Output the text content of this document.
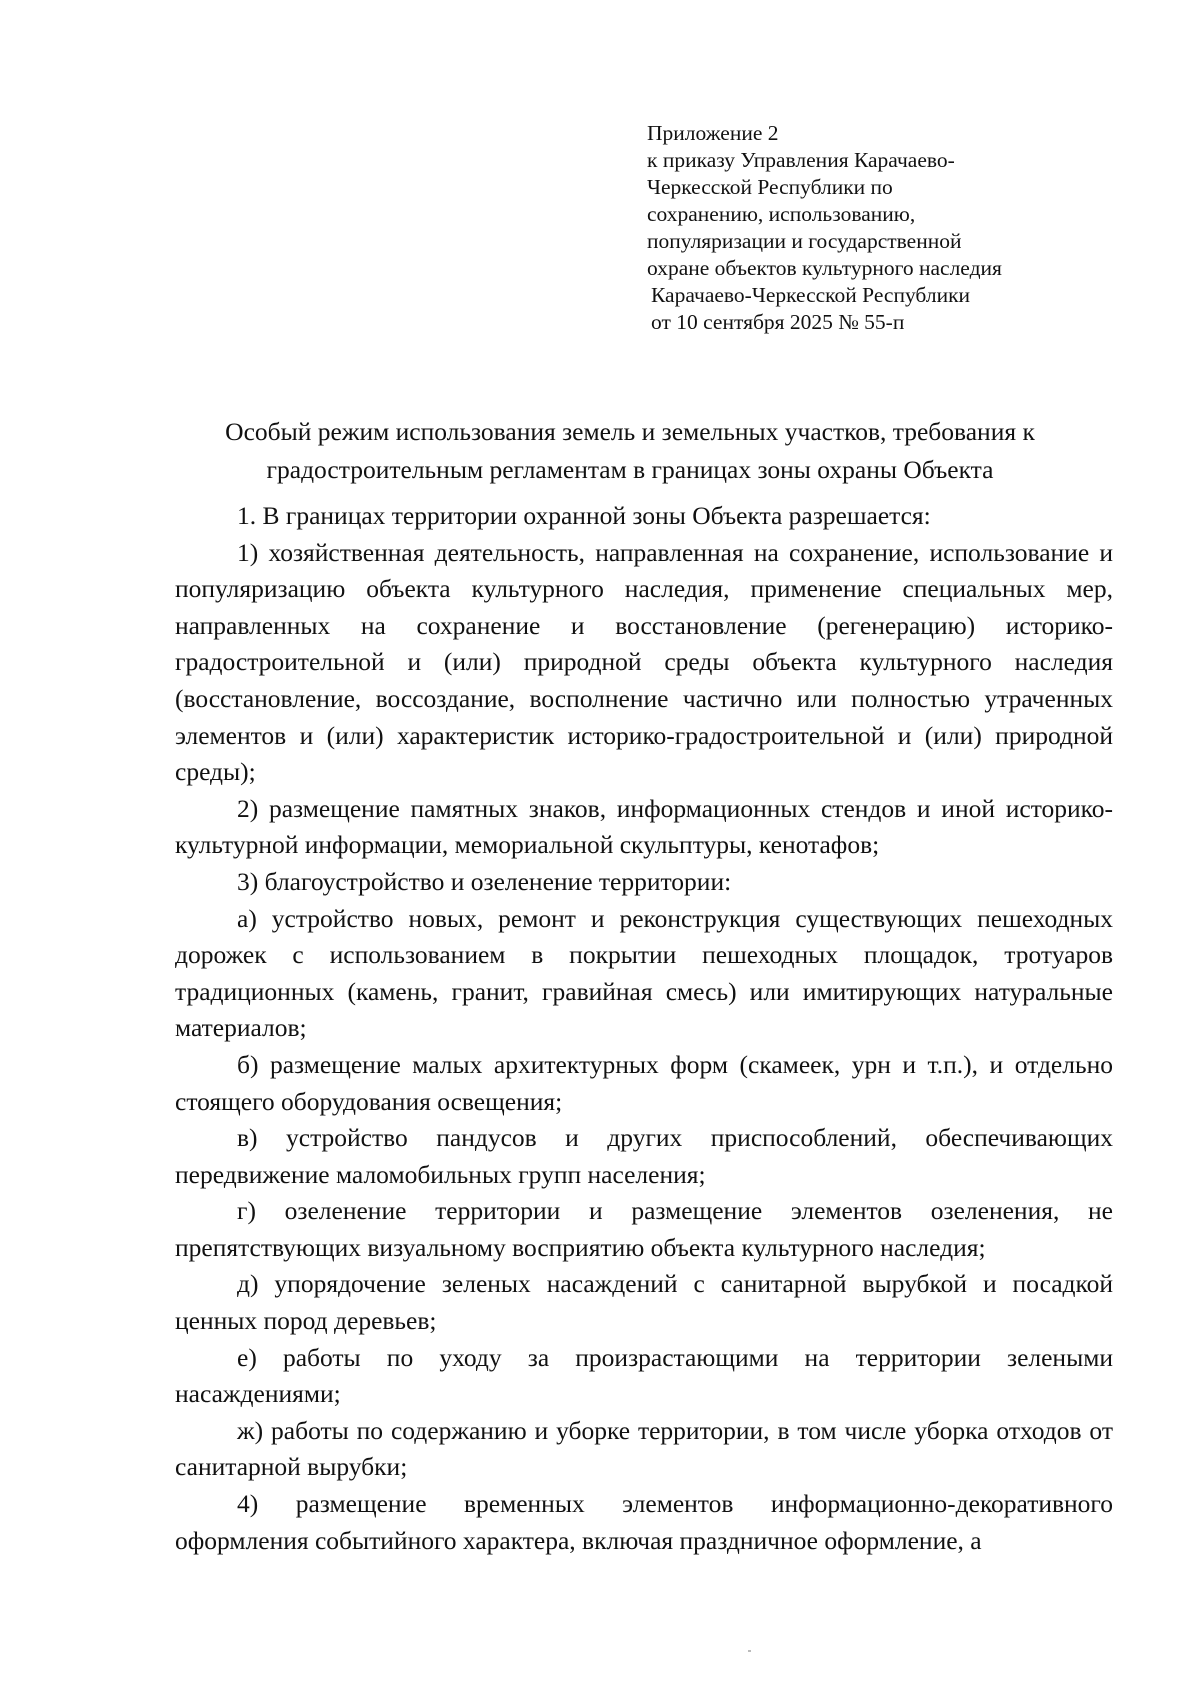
Приложение 2
к приказу Управления Карачаево-
Черкесской Республики по
сохранению, использованию,
популяризации и государственной
охране объектов культурного наследия
Карачаево-Черкесской Республики
от 10 сентября 2025 № 55-п
Особый режим использования земель и земельных участков, требования к
градостроительным регламентам в границах зоны охраны Объекта

1. В границах территории охранной зоны Объекта разрешается:

1) хозяйственная деятельность, направленная на сохранение, использование и популяризацию объекта культурного наследия, применение специальных мер, направленных на сохранение и восстановление (регенерацию) историко-градостроительной и (или) природной среды объекта культурного наследия (восстановление, воссоздание, восполнение частично или полностью утраченных элементов и (или) характеристик историко-градостроительной и (или) природной среды);

2) размещение памятных знаков, информационных стендов и иной историко-культурной информации, мемориальной скульптуры, кенотафов;

3) благоустройство и озеленение территории:

а) устройство новых, ремонт и реконструкция существующих пешеходных дорожек с использованием в покрытии пешеходных площадок, тротуаров традиционных (камень, гранит, гравийная смесь) или имитирующих натуральные материалов;

б) размещение малых архитектурных форм (скамеек, урн и т.п.), и отдельно стоящего оборудования освещения;

в) устройство пандусов и других приспособлений, обеспечивающих передвижение маломобильных групп населения;

г) озеленение территории и размещение элементов озеленения, не препятствующих визуальному восприятию объекта культурного наследия;

д) упорядочение зеленых насаждений с санитарной вырубкой и посадкой ценных пород деревьев;

е) работы по уходу за произрастающими на территории зелеными насаждениями;

ж) работы по содержанию и уборке территории, в том числе уборка отходов от санитарной вырубки;

4) размещение временных элементов информационно-декоративного оформления событийного характера, включая праздничное оформление, а
